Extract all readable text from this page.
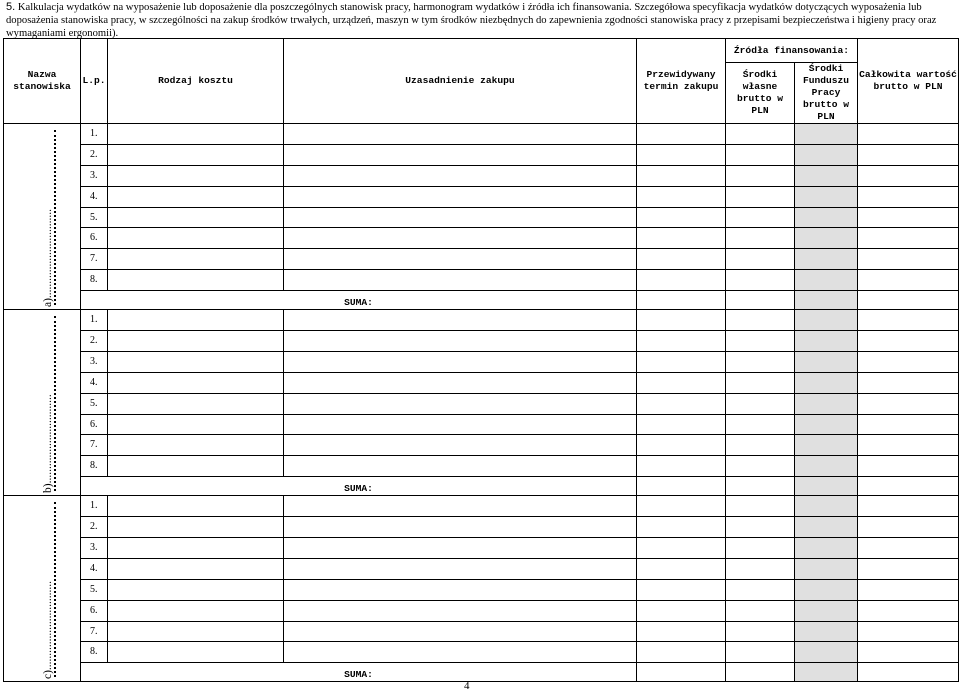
5. Kalkulacja wydatków na wyposażenie lub doposażenie dla poszczególnych stanowisk pracy, harmonogram wydatków i źródła ich finansowania. Szczegółowa specyfikacja wydatków dotyczących wyposażenia lub doposażenia stanowiska pracy, w szczególności na zakup środków trwałych, urządzeń, maszyn w tym środków niezbędnych do zapewnienia zgodności stanowiska pracy z przepisami bezpieczeństwa i higieny pracy oraz wymaganiami ergonomii).
Nazwa stanowiska	L.p.	Rodzaj kosztu	Uzasadnienie zakupu	Przewidywany termin zakupu	Źródła finansowania:		Całkowita wartość brutto w PLN
					Środki własne brutto w PLN	Środki Funduszu Pracy brutto w PLN	

a)...............................	1.						
	2.						
	3.						
	4.						
	5.						
	6.						
	7.						
	8.						
	SUMA:						

b)...............................	1.						
	2.						
	3.						
	4.						
	5.						
	6.						
	7.						
	8.						
	SUMA:						

c)...............................	1.						
	2.						
	3.						
	4.						
	5.						
	6.						
	7.						
	8.						
	SUMA:						
4
